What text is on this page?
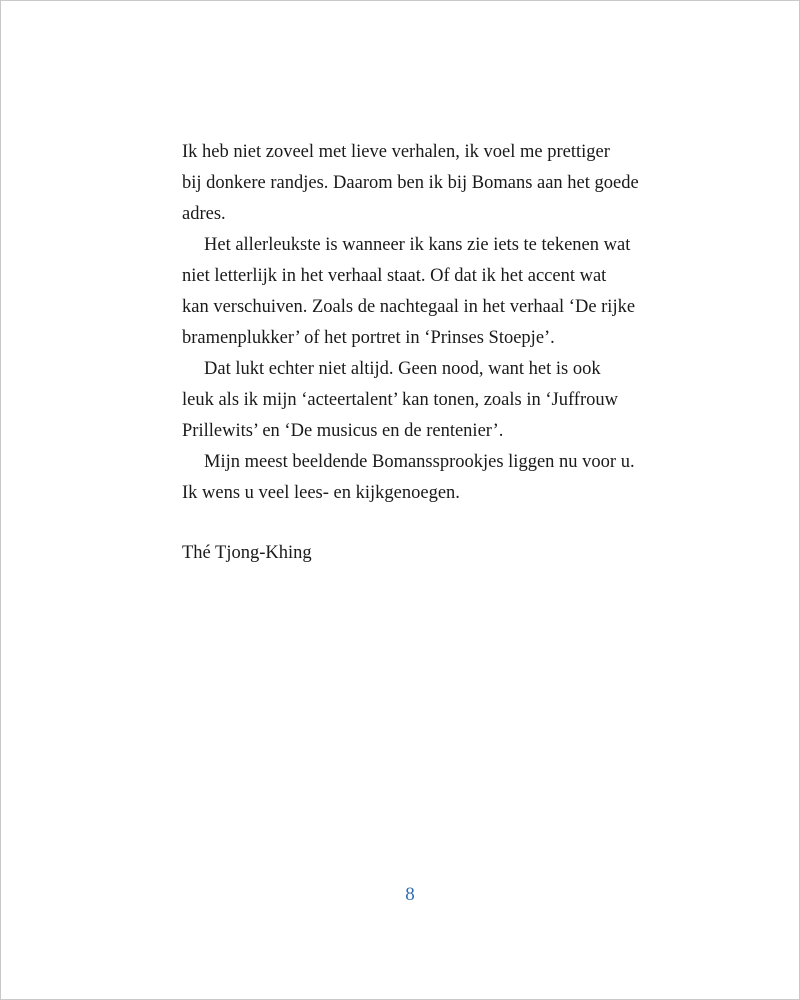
Ik heb niet zoveel met lieve verhalen, ik voel me prettiger
bij donkere randjes. Daarom ben ik bij Bomans aan het goede
adres.
Het allerleukste is wanneer ik kans zie iets te tekenen wat
niet letterlijk in het verhaal staat. Of dat ik het accent wat
kan verschuiven. Zoals de nachtegaal in het verhaal ‘De rijke
bramenplukker’ of het portret in ‘Prinses Stoepje’.
Dat lukt echter niet altijd. Geen nood, want het is ook
leuk als ik mijn ‘acteertalent’ kan tonen, zoals in ‘Juffrouw
Prillewits’ en ‘De musicus en de rentenier’.
Mijn meest beeldende Bomanssprookjes liggen nu voor u.
Ik wens u veel lees- en kijkgenoegen.
Thé Tjong-Khing
8
